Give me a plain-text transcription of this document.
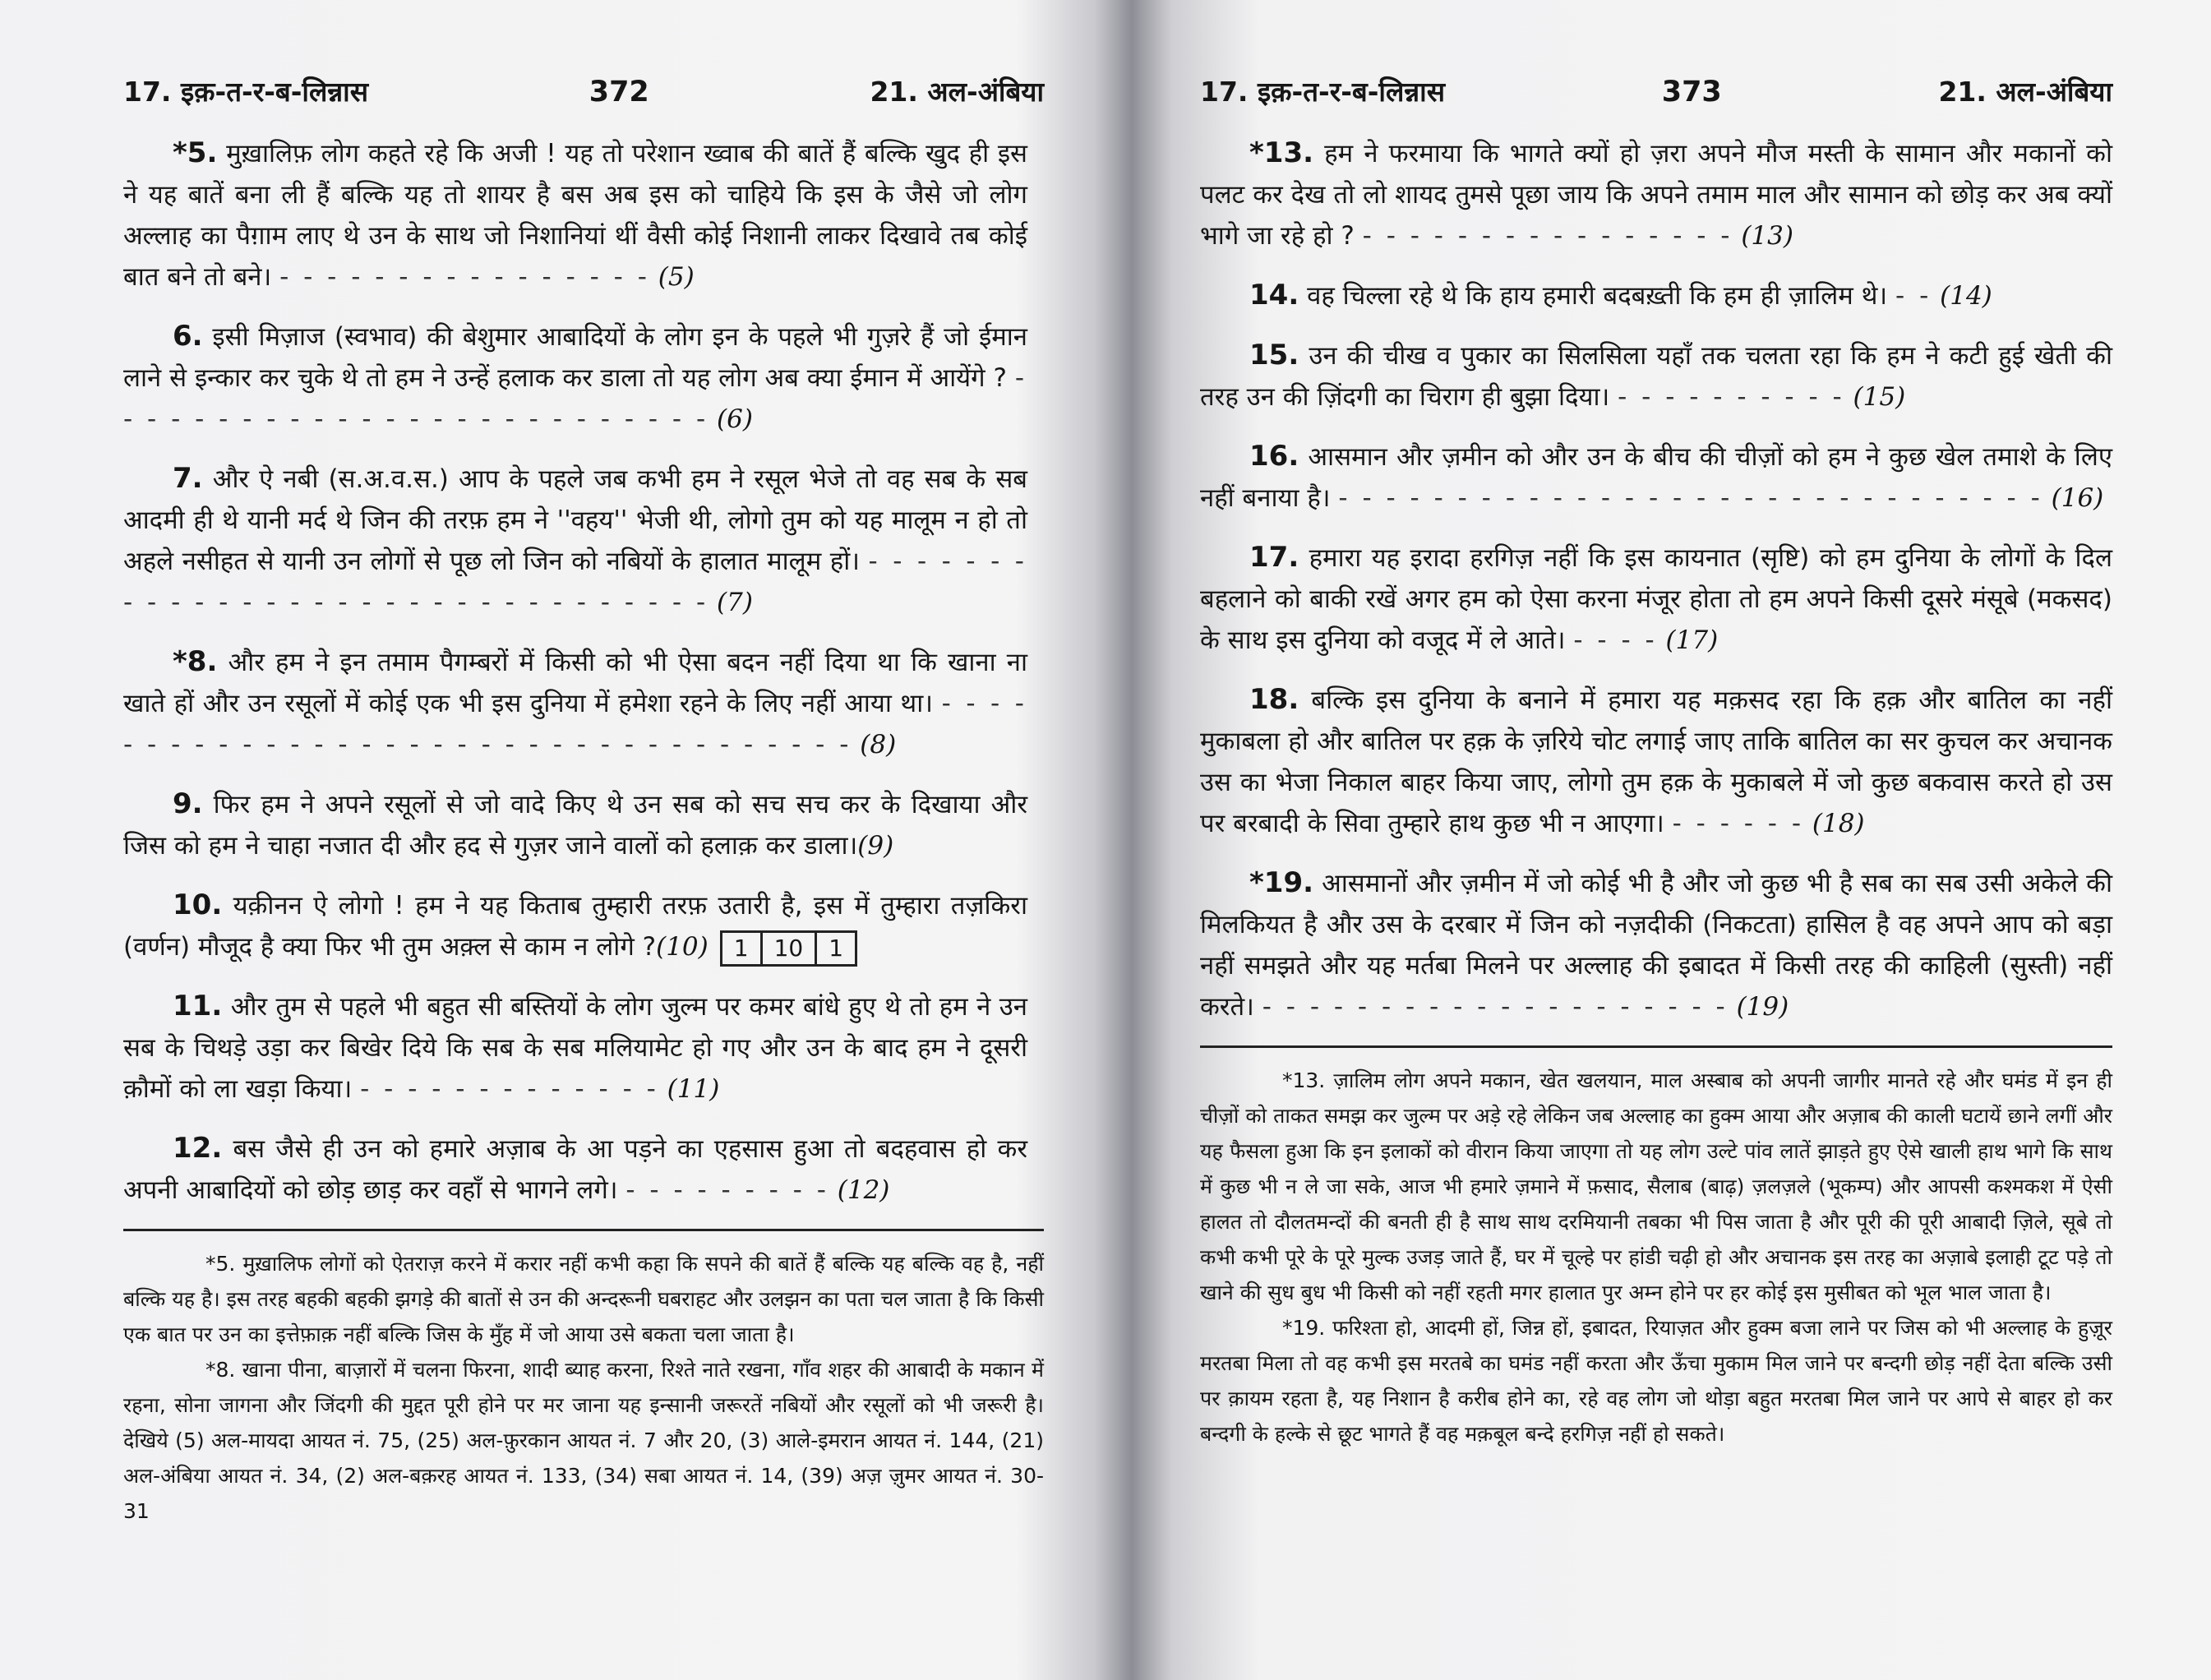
17. इक़-त-र-ब-लिन्नास	372	21. अल-अंबिया

*5. मुख़ालिफ़ लोग कहते रहे कि अजी ! यह तो परेशान ख्वाब की बातें हैं बल्कि खुद ही इस ने यह बातें बना ली हैं बल्कि यह तो शायर है बस अब इस को चाहिये कि इस के जैसे जो लोग अल्लाह का पैग़ाम लाए थे उन के साथ जो निशानियां थीं वैसी कोई निशानी लाकर दिखावे तब कोई बात बने तो बने। - - - - - - - - - - - - - - - - (5)

6. इसी मिज़ाज (स्वभाव) की बेशुमार आबादियों के लोग इन के पहले भी गुज़रे हैं जो ईमान लाने से इन्कार कर चुके थे तो हम ने उन्हें हलाक कर डाला तो यह लोग अब क्या ईमान में आयेंगे ? - - - - - - - - - - - - - - - - - - - - - - - - - - (6)

7. और ऐ नबी (स.अ.व.स.) आप के पहले जब कभी हम ने रसूल भेजे तो वह सब के सब आदमी ही थे यानी मर्द थे जिन की तरफ़ हम ने ''वहय'' भेजी थी, लोगो तुम को यह मालूम न हो तो अहले नसीहत से यानी उन लोगों से पूछ लो जिन को नबियों के हालात मालूम हों। - - - - - - - - - - - - - - - - - - - - - - - - - - - - - - - - (7)

*8. और हम ने इन तमाम पैगम्बरों में किसी को भी ऐसा बदन नहीं दिया था कि खाना ना खाते हों और उन रसूलों में कोई एक भी इस दुनिया में हमेशा रहने के लिए नहीं आया था। - - - - - - - - - - - - - - - - - - - - - - - - - - - - - - - - - - - (8)

9. फिर हम ने अपने रसूलों से जो वादे किए थे उन सब को सच सच कर के दिखाया और जिस को हम ने चाहा नजात दी और हद से गुज़र जाने वालों को हलाक़ कर डाला।(9)

10. यक़ीनन ऐ लोगो ! हम ने यह किताब तुम्हारी तरफ़ उतारी है, इस में तुम्हारा तज़किरा (वर्णन) मौजूद है क्या फिर भी तुम अक़्ल से काम न लोगे ?(10)	1	10	1

11. और तुम से पहले भी बहुत सी बस्तियों के लोग जुल्म पर कमर बांधे हुए थे तो हम ने उन सब के चिथड़े उड़ा कर बिखेर दिये कि सब के सब मलियामेट हो गए और उन के बाद हम ने दूसरी क़ौमों को ला खड़ा किया। - - - - - - - - - - - - - (11)

12. बस जैसे ही उन को हमारे अज़ाब के आ पड़ने का एहसास हुआ तो बदहवास हो कर अपनी आबादियों को छोड़ छाड़ कर वहाँ से भागने लगे। - - - - - - - - - (12)

*5. मुख़ालिफ लोगों को ऐतराज़ करने में करार नहीं कभी कहा कि सपने की बातें हैं बल्कि यह बल्कि वह है, नहीं बल्कि यह है। इस तरह बहकी बहकी झगड़े की बातों से उन की अन्दरूनी घबराहट और उलझन का पता चल जाता है कि किसी एक बात पर उन का इत्तेफ़ाक़ नहीं बल्कि जिस के मुँह में जो आया उसे बकता चला जाता है।

*8. खाना पीना, बाज़ारों में चलना फिरना, शादी ब्याह करना, रिश्ते नाते रखना, गाँव शहर की आबादी के मकान में रहना, सोना जागना और जिंदगी की मुद्दत पूरी होने पर मर जाना यह इन्सानी जरूरतें नबियों और रसूलों को भी जरूरी है। देखिये (5) अल-मायदा आयत नं. 75, (25) अल-फ़ुरकान आयत नं. 7 और 20, (3) आले-इमरान आयत नं. 144, (21) अल-अंबिया आयत नं. 34, (2) अल-बक़रह आयत नं. 133, (34) सबा आयत नं. 14, (39) अज़ ज़ुमर आयत नं. 30-31

17. इक़-त-र-ब-लिन्नास	373	21. अल-अंबिया

*13. हम ने फरमाया कि भागते क्यों हो ज़रा अपने मौज मस्ती के सामान और मकानों को पलट कर देख तो लो शायद तुमसे पूछा जाय कि अपने तमाम माल और सामान को छोड़ कर अब क्यों भागे जा रहे हो ? - - - - - - - - - - - - - - - - (13)

14. वह चिल्ला रहे थे कि हाय हमारी बदबख़्ती कि हम ही ज़ालिम थे। - - (14)

15. उन की चीख व पुकार का सिलसिला यहाँ तक चलता रहा कि हम ने कटी हुई खेती की तरह उन की ज़िंदगी का चिराग ही बुझा दिया। - - - - - - - - - - (15)

16. आसमान और ज़मीन को और उन के बीच की चीज़ों को हम ने कुछ खेल तमाशे के लिए नहीं बनाया है। - - - - - - - - - - - - - - - - - - - - - - - - - - - - - - (16)

17. हमारा यह इरादा हरगिज़ नहीं कि इस कायनात (सृष्टि) को हम दुनिया के लोगों के दिल बहलाने को बाकी रखें अगर हम को ऐसा करना मंजूर होता तो हम अपने किसी दूसरे मंसूबे (मकसद) के साथ इस दुनिया को वजूद में ले आते। - - - - (17)

18. बल्कि इस दुनिया के बनाने में हमारा यह मक़सद रहा कि हक़ और बातिल का नहीं मुकाबला हो और बातिल पर हक़ के ज़रिये चोट लगाई जाए ताकि बातिल का सर कुचल कर अचानक उस का भेजा निकाल बाहर किया जाए, लोगो तुम हक़ के मुकाबले में जो कुछ बकवास करते हो उस पर बरबादी के सिवा तुम्हारे हाथ कुछ भी न आएगा। - - - - - - (18)

*19. आसमानों और ज़मीन में जो कोई भी है और जो कुछ भी है सब का सब उसी अकेले की मिलकियत है और उस के दरबार में जिन को नज़दीकी (निकटता) हासिल है वह अपने आप को बड़ा नहीं समझते और यह मर्तबा मिलने पर अल्लाह की इबादत में किसी तरह की काहिली (सुस्ती) नहीं करते। - - - - - - - - - - - - - - - - - - - - (19)

*13. ज़ालिम लोग अपने मकान, खेत खलयान, माल अस्बाब को अपनी जागीर मानते रहे और घमंड में इन ही चीज़ों को ताकत समझ कर जुल्म पर अड़े रहे लेकिन जब अल्लाह का हुक्म आया और अज़ाब की काली घटायें छाने लगीं और यह फैसला हुआ कि इन इलाकों को वीरान किया जाएगा तो यह लोग उल्टे पांव लातें झाड़ते हुए ऐसे खाली हाथ भागे कि साथ में कुछ भी न ले जा सके, आज भी हमारे ज़माने में फ़साद, सैलाब (बाढ़) ज़लज़ले (भूकम्प) और आपसी कश्मकश में ऐसी हालत तो दौलतमन्दों की बनती ही है साथ साथ दरमियानी तबका भी पिस जाता है और पूरी की पूरी आबादी ज़िले, सूबे तो कभी कभी पूरे के पूरे मुल्क उजड़ जाते हैं, घर में चूल्हे पर हांडी चढ़ी हो और अचानक इस तरह का अज़ाबे इलाही टूट पड़े तो खाने की सुध बुध भी किसी को नहीं रहती मगर हालात पुर अम्न होने पर हर कोई इस मुसीबत को भूल भाल जाता है।

*19. फरिश्ता हो, आदमी हों, जिन्न हों, इबादत, रियाज़त और हुक्म बजा लाने पर जिस को भी अल्लाह के हुज़ूर मरतबा मिला तो वह कभी इस मरतबे का घमंड नहीं करता और ऊँचा मुकाम मिल जाने पर बन्दगी छोड़ नहीं देता बल्कि उसी पर क़ायम रहता है, यह निशान है करीब होने का, रहे वह लोग जो थोड़ा बहुत मरतबा मिल जाने पर आपे से बाहर हो कर बन्दगी के हल्के से छूट भागते हैं वह मक़बूल बन्दे हरगिज़ नहीं हो सकते।
